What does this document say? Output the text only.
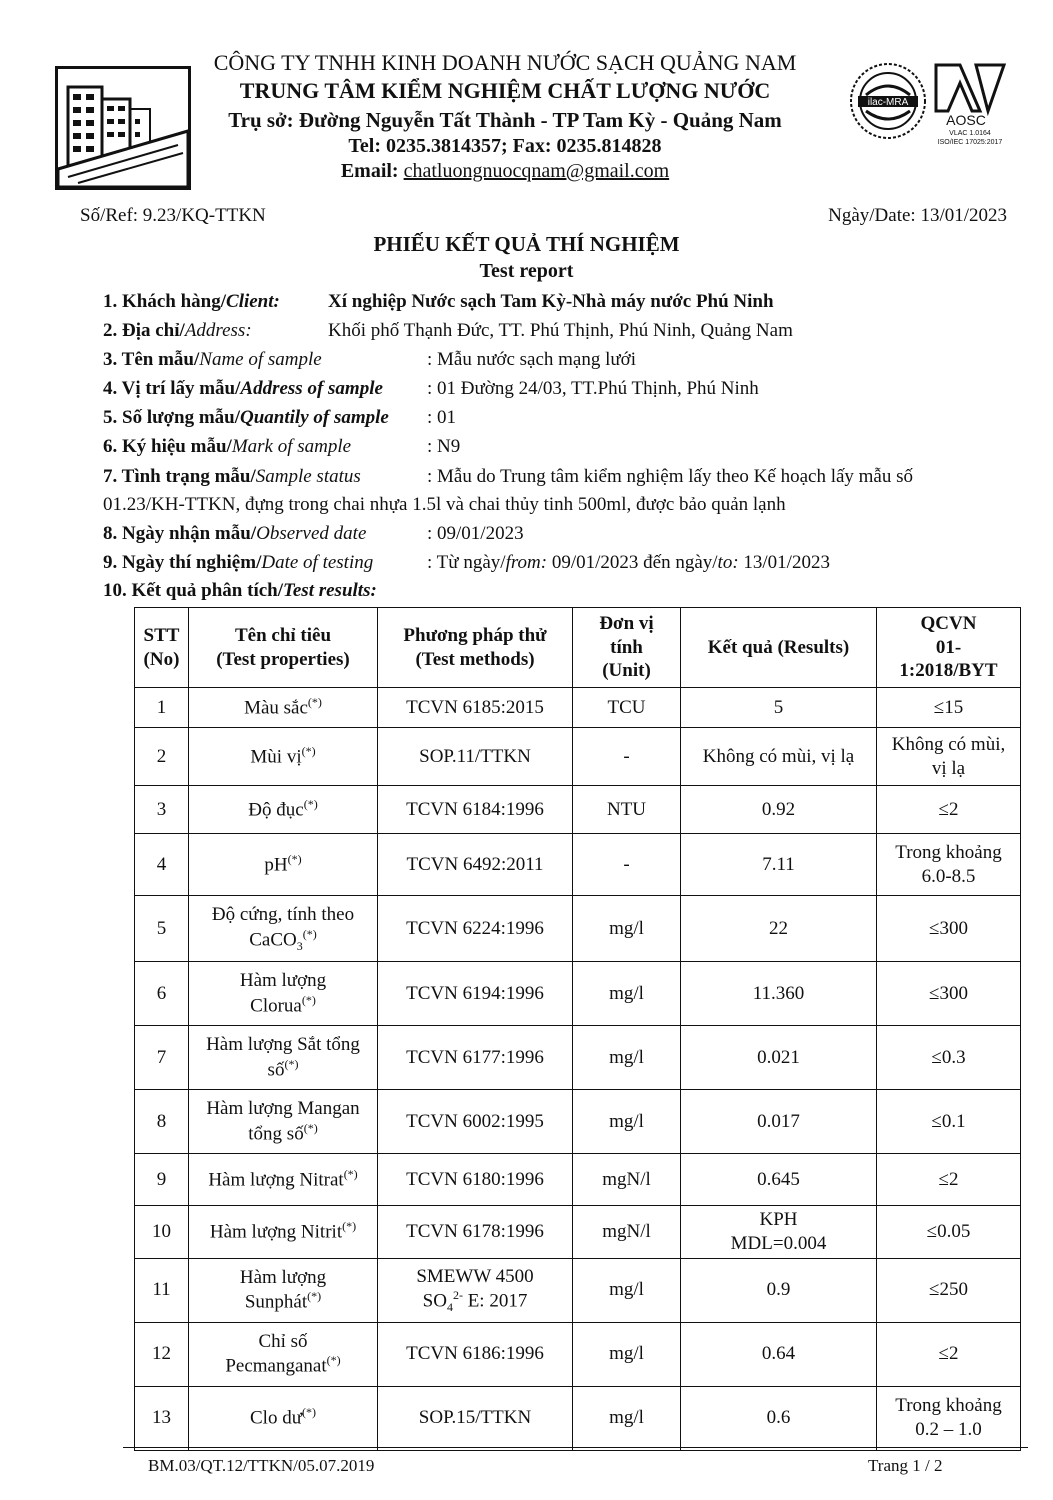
CÔNG TY TNHH KINH DOANH NƯỚC SẠCH QUẢNG NAM
TRUNG TÂM KIỂM NGHIỆM CHẤT LƯỢNG NƯỚC
Trụ sở: Đường Nguyễn Tất Thành - TP Tam Kỳ - Quảng Nam
Tel: 0235.3814357; Fax: 0235.814828
Email: chatluongnuocqnam@gmail.com
ilac-MRA
AOSC
VLAC 1.0164
ISO/IEC 17025:2017
Số/Ref: 9.23/KQ-TTKN	Ngày/Date: 13/01/2023
PHIẾU KẾT QUẢ THÍ NGHIỆM
Test report
1. Khách hàng/Client:	Xí nghiệp Nước sạch Tam Kỳ-Nhà máy nước Phú Ninh
2. Địa chỉ/Address:	Khối phố Thạnh Đức, TT. Phú Thịnh, Phú Ninh, Quảng Nam
3. Tên mẫu/Name of sample	: Mẫu nước sạch mạng lưới
4. Vị trí lấy mẫu/Address of sample : 01 Đường 24/03, TT.Phú Thịnh, Phú Ninh
5. Số lượng mẫu/Quantily of sample : 01
6. Ký hiệu mẫu/Mark of sample	: N9
7. Tình trạng mẫu/Sample status	: Mẫu do Trung tâm kiểm nghiệm lấy theo Kế hoạch lấy mẫu số
01.23/KH-TTKN, đựng trong chai nhựa 1.5l và chai thủy tinh 500ml, được bảo quản lạnh
8. Ngày nhận mẫu/Observed date	: 09/01/2023
9. Ngày thí nghiệm/Date of testing	: Từ ngày/from: 09/01/2023 đến ngày/to: 13/01/2023
10. Kết quả phân tích/Test results:
STT
(No)	Tên chỉ tiêu
(Test properties)	Phương pháp thử
(Test methods)	Đơn vị
tính
(Unit)	Kết quả (Results)	QCVN
01-
1:2018/BYT
1	Màu sắc(*)	TCVN 6185:2015	TCU	5	≤15
2	Mùi vị(*)	SOP.11/TTKN	-	Không có mùi, vị lạ	Không có mùi,
vị lạ
3	Độ đục(*)	TCVN 6184:1996	NTU	0.92	≤2
4	pH(*)	TCVN 6492:2011	-	7.11	Trong khoảng
6.0-8.5
5	Độ cứng, tính theo
CaCO$_3$(*)	TCVN 6224:1996	mg/l	22	≤300
6	Hàm lượng
Clorua(*)	TCVN 6194:1996	mg/l	11.360	≤300
7	Hàm lượng Sắt tổng
số(*)	TCVN 6177:1996	mg/l	0.021	≤0.3
8	Hàm lượng Mangan
tổng số(*)	TCVN 6002:1995	mg/l	0.017	≤0.1
9	Hàm lượng Nitrat(*)	TCVN 6180:1996	mgN/l	0.645	≤2
10	Hàm lượng Nitrit(*)	TCVN 6178:1996	mgN/l	KPH
MDL=0.004	≤0.05
11	Hàm lượng
Sunphát(*)	SMEWW 4500
$SO_4^{2-}$ E: 2017	mg/l	0.9	≤250
12	Chỉ số
Pecmanganat(*)	TCVN 6186:1996	mg/l	0.64	≤2
13	Clo dư(*)	SOP.15/TTKN	mg/l	0.6	Trong khoảng
0.2 – 1.0
BM.03/QT.12/TTKN/05.07.2019	Trang 1 / 2
